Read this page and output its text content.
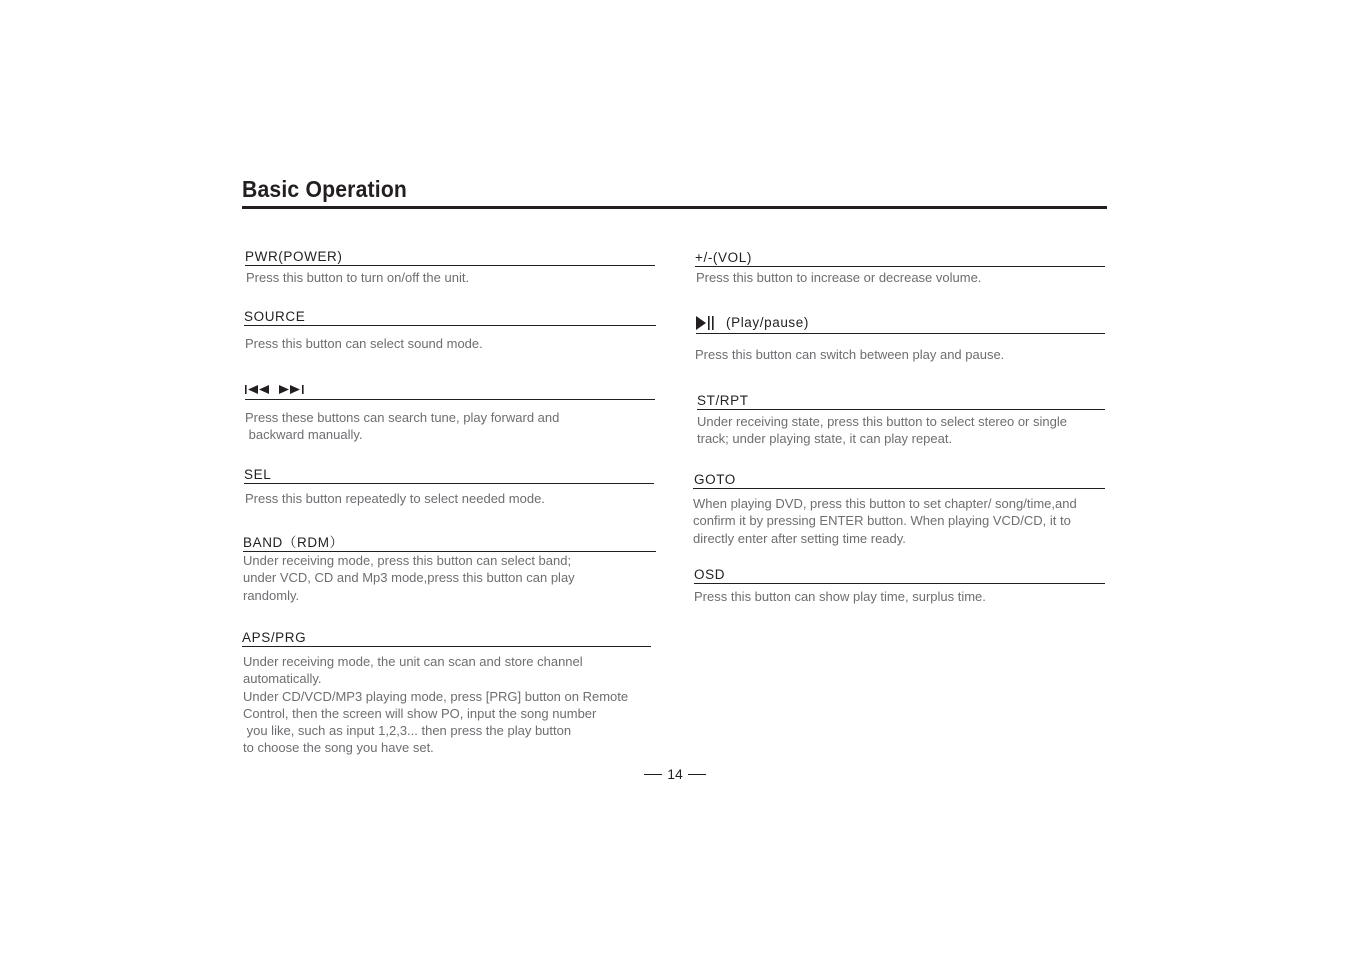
Basic Operation
PWR(POWER)
Press this button to turn on/off the unit.
SOURCE
Press this button can select sound mode.
Press these buttons can search tune, play forward and
backward manually.
SEL
Press this button repeatedly to select needed mode.
BAND（RDM）
Under receiving mode, press this button can select band;
under VCD, CD and Mp3 mode,press this button can play
randomly.
APS/PRG
Under receiving mode, the unit can scan and store channel
automatically.
Under CD/VCD/MP3 playing mode, press [PRG] button on Remote
Control, then the screen will show PO, input the song number
you like, such as input 1,2,3... then press the play button
to choose the song you have set.
+/-(VOL)
Press this button to increase or decrease volume.
(Play/pause)
Press this button can switch between play and pause.
ST/RPT
Under receiving state, press this button to select stereo or single
track; under playing state, it can play repeat.
GOTO
When playing DVD, press this button to set chapter/ song/time,and
confirm it by pressing ENTER button. When playing VCD/CD, it to
directly enter after setting time ready.
OSD
Press this button can show play time, surplus time.
14
